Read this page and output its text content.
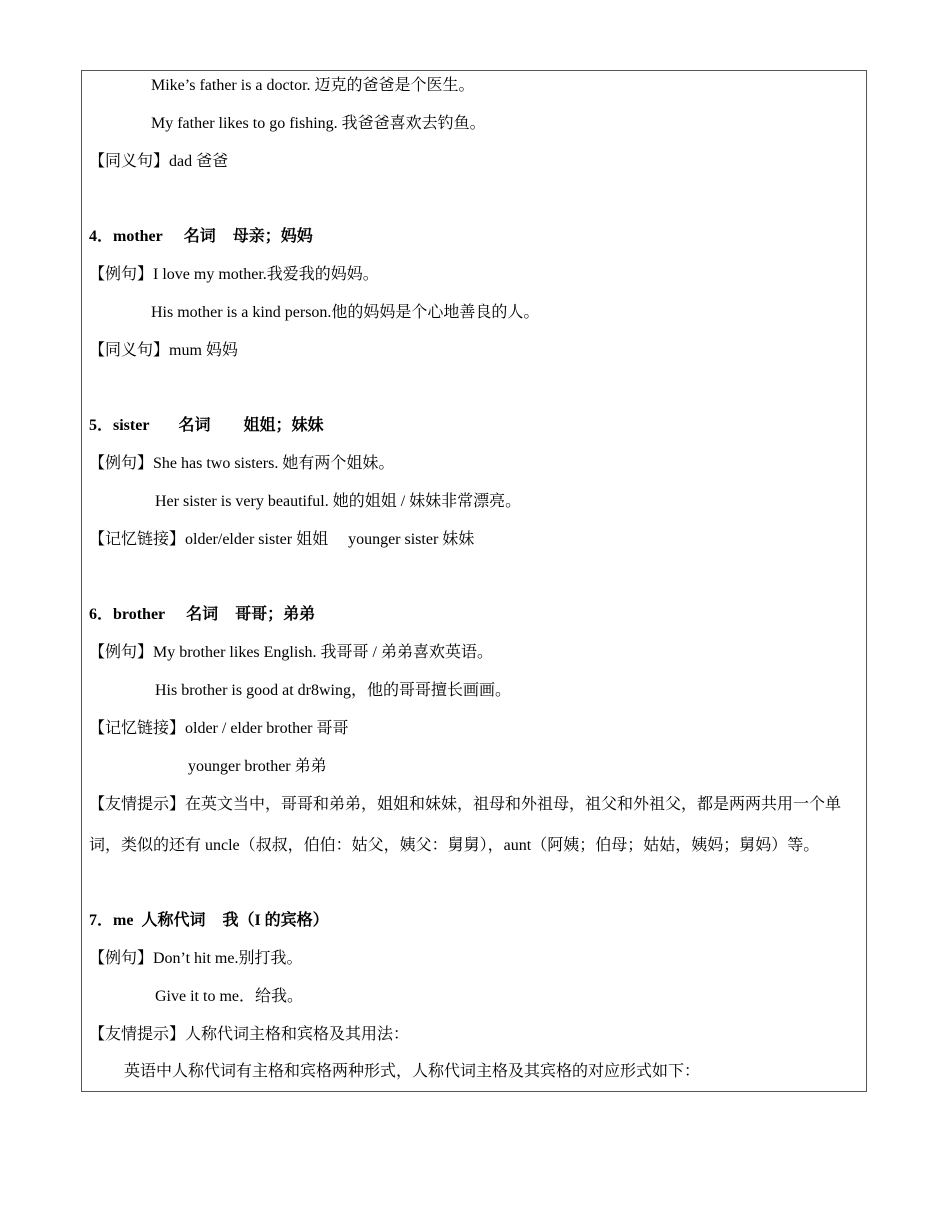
Mike’s father is a doctor. 迈克的爸爸是个医生。
My father likes to go fishing. 我爸爸喜欢去钓鱼。
【同义句】dad 爸爸
4．mother 名词 母亲；妈妈
【例句】I love my mother.我爱我的妈妈。
His mother is a kind person.他的妈妈是个心地善良的人。
【同义句】mum 妈妈
5．sister 名词 姐姐；妹妹
【例句】She has two sisters. 她有两个姐妹。
Her sister is very beautiful. 她的姐姐 / 妹妹非常漂亮。
【记忆链接】older/elder sister 姐姐　 younger sister 妹妹
6．brother 名词 哥哥；弟弟
【例句】My brother likes English. 我哥哥 / 弟弟喜欢英语。
His brother is good at dr8wing，他的哥哥擅长画画。
【记忆链接】older / elder brother 哥哥
younger brother 弟弟
【友情提示】在英文当中，哥哥和弟弟，姐姐和妹妹，祖母和外祖母，祖父和外祖父，都是两两共用一个单
词，类似的还有 uncle（叔叔，伯伯：姑父，姨父：舅舅），aunt（阿姨；伯母；姑姑，姨妈；舅妈）等。
7．me 人称代词 我（I 的宾格）
【例句】Don’t hit me.别打我。
Give it to me．给我。
【友情提示】人称代词主格和宾格及其用法：
英语中人称代词有主格和宾格两种形式，人称代词主格及其宾格的对应形式如下：
